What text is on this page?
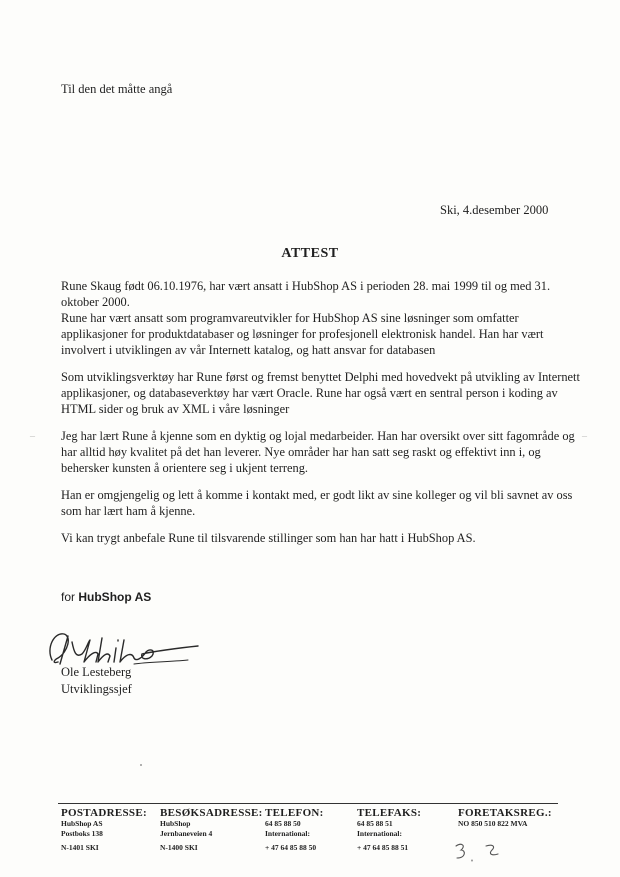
Til den det måtte angå
Ski, 4.desember 2000
ATTEST

Rune Skaug født 06.10.1976, har vært ansatt i HubShop AS i perioden 28. mai 1999 til og med 31. oktober 2000.
Rune har vært ansatt som programvareutvikler for HubShop AS sine løsninger som omfatter applikasjoner for produktdatabaser og løsninger for profesjonell elektronisk handel. Han har vært involvert i utviklingen av vår Internett katalog, og hatt ansvar for databasen

Som utviklingsverktøy har Rune først og fremst benyttet Delphi med hovedvekt på utvikling av Internett applikasjoner, og databaseverktøy har vært Oracle. Rune har også vært en sentral person i koding av HTML sider og bruk av XML i våre løsninger

Jeg har lært Rune å kjenne som en dyktig og lojal medarbeider. Han har oversikt over sitt fagområde og har alltid høy kvalitet på det han leverer. Nye områder har han satt seg raskt og effektivt inn i, og behersker kunsten å orientere seg i ukjent terreng.

Han er omgjengelig og lett å komme i kontakt med, er godt likt av sine kolleger og vil bli savnet av oss som har lært ham å kjenne.

Vi kan trygt anbefale Rune til tilsvarende stillinger som han har hatt i HubShop AS.

–	–
for HubShop AS
Ole Lesteberg
Utviklingssjef
POSTADRESSE:
HubShop AS
Postboks 138
N-1401 SKI
BESØKSADRESSE:
HubShop
Jernbaneveien 4
N-1400 SKI
TELEFON:
64 85 88 50
International:
+ 47 64 85 88 50
TELEFAKS:
64 85 88 51
International:
+ 47 64 85 88 51
FORETAKSREG.:
NO 850 510 822 MVA
